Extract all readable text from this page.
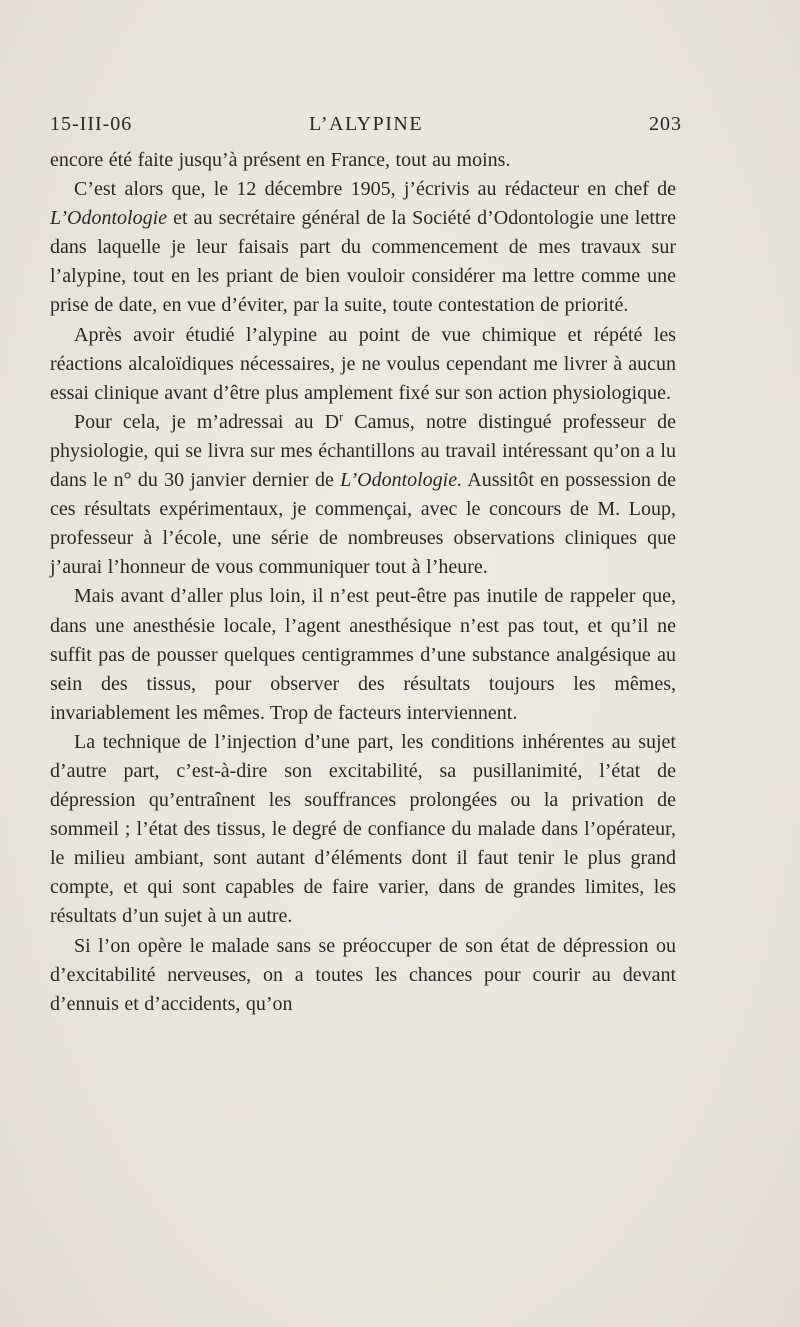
15-III-06	L’ALYPINE	203

encore été faite jusqu’à présent en France, tout au moins.

C’est alors que, le 12 décembre 1905, j’écrivis au rédacteur en chef de L’Odontologie et au secrétaire général de la Société d’Odontologie une lettre dans laquelle je leur faisais part du commencement de mes travaux sur l’alypine, tout en les priant de bien vouloir considérer ma lettre comme une prise de date, en vue d’éviter, par la suite, toute contestation de priorité.

Après avoir étudié l’alypine au point de vue chimique et répété les réactions alcaloïdiques nécessaires, je ne voulus cependant me livrer à aucun essai clinique avant d’être plus amplement fixé sur son action physiologique.

Pour cela, je m’adressai au $D^r$ Camus, notre distingué professeur de physiologie, qui se livra sur mes échantillons au travail intéressant qu’on a lu dans le n° du 30 janvier dernier de L’Odontologie. Aussitôt en possession de ces résultats expérimentaux, je commençai, avec le concours de M. Loup, professeur à l’école, une série de nombreuses observations cliniques que j’aurai l’honneur de vous communiquer tout à l’heure.

Mais avant d’aller plus loin, il n’est peut-être pas inutile de rappeler que, dans une anesthésie locale, l’agent anesthésique n’est pas tout, et qu’il ne suffit pas de pousser quelques centigrammes d’une substance analgésique au sein des tissus, pour observer des résultats toujours les mêmes, invariablement les mêmes. Trop de facteurs interviennent.

La technique de l’injection d’une part, les conditions inhérentes au sujet d’autre part, c’est-à-dire son excitabilité, sa pusillanimité, l’état de dépression qu’entraînent les souffrances prolongées ou la privation de sommeil ; l’état des tissus, le degré de confiance du malade dans l’opérateur, le milieu ambiant, sont autant d’éléments dont il faut tenir le plus grand compte, et qui sont capables de faire varier, dans de grandes limites, les résultats d’un sujet à un autre.

Si l’on opère le malade sans se préoccuper de son état de dépression ou d’excitabilité nerveuses, on a toutes les chances pour courir au devant d’ennuis et d’accidents, qu’on
